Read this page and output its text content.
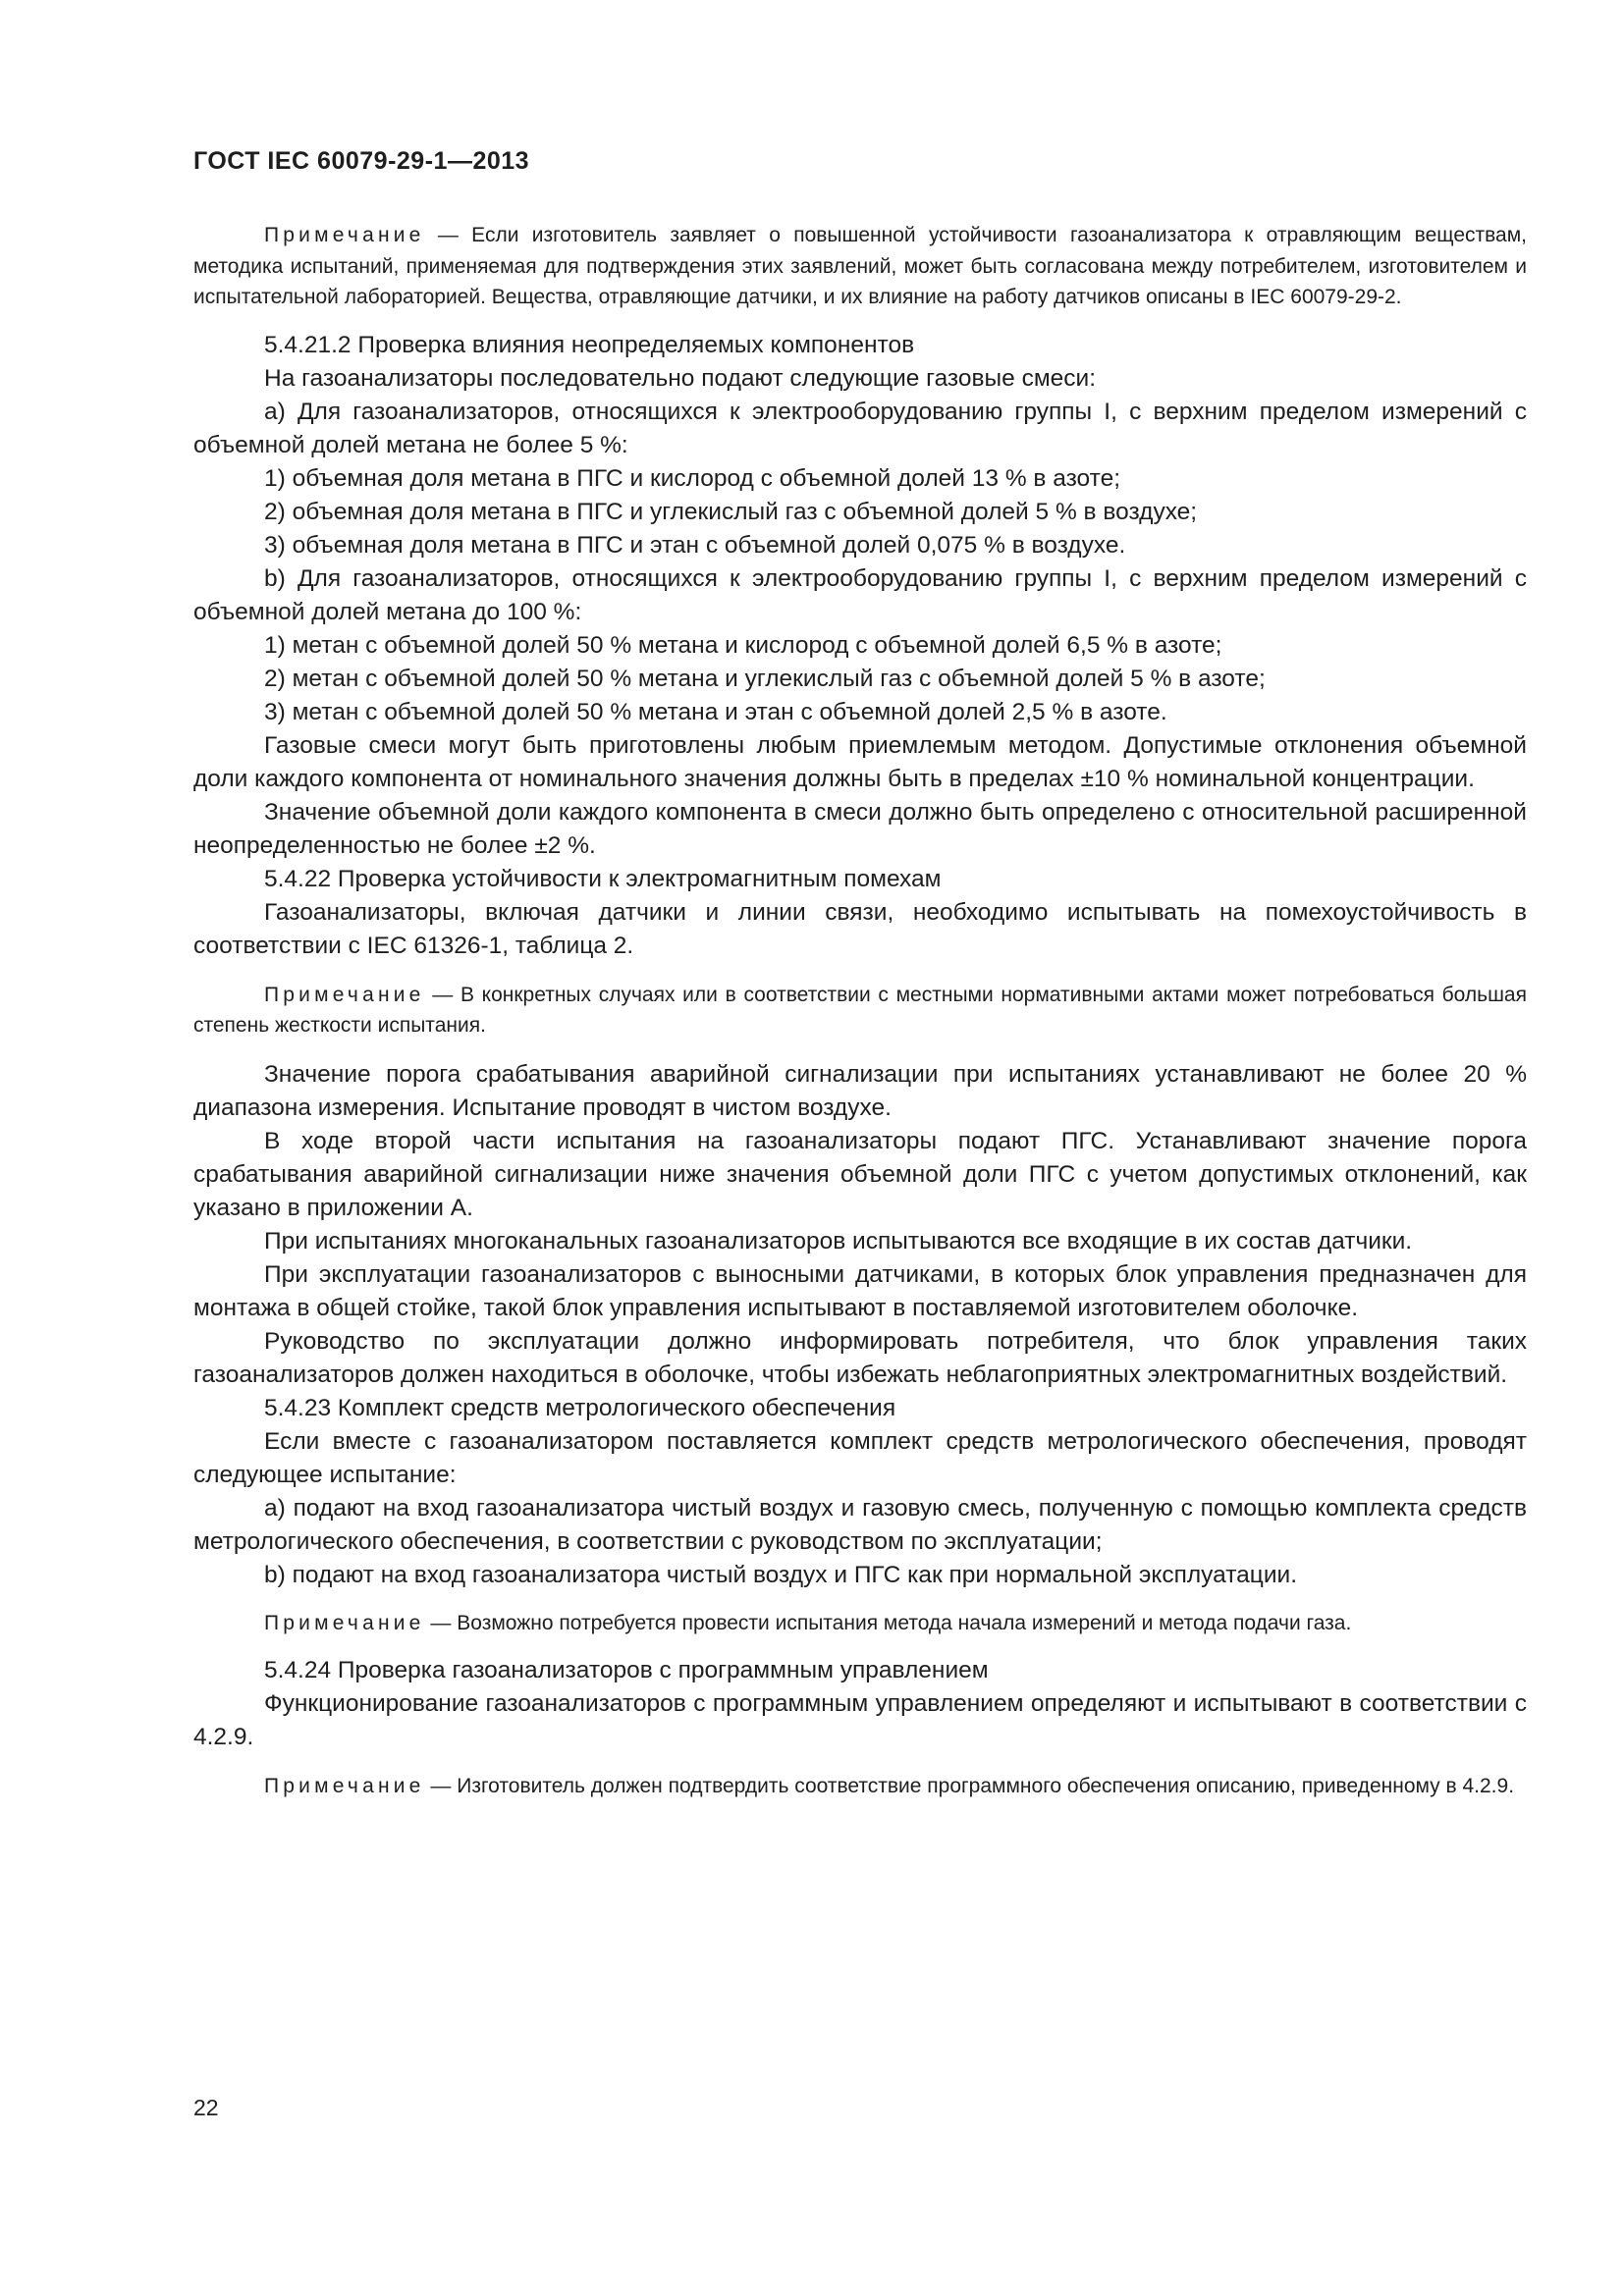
ГОСТ IEC 60079-29-1—2013

Примечание — Если изготовитель заявляет о повышенной устойчивости газоанализатора к отравляющим веществам, методика испытаний, применяемая для подтверждения этих заявлений, может быть согласована между потребителем, изготовителем и испытательной лабораторией. Вещества, отравляющие датчики, и их влияние на работу датчиков описаны в IEC 60079-29-2.

5.4.21.2 Проверка влияния неопределяемых компонентов

На газоанализаторы последовательно подают следующие газовые смеси:

а) Для газоанализаторов, относящихся к электрооборудованию группы I, с верхним пределом измерений с объемной долей метана не более 5 %:

1) объемная доля метана в ПГС и кислород с объемной долей 13 % в азоте;

2) объемная доля метана в ПГС и углекислый газ с объемной долей 5 % в воздухе;

3) объемная доля метана в ПГС и этан с объемной долей 0,075 % в воздухе.

b) Для газоанализаторов, относящихся к электрооборудованию группы I, с верхним пределом измерений с объемной долей метана до 100 %:

1) метан с объемной долей 50 % метана и кислород с объемной долей 6,5 % в азоте;

2) метан с объемной долей 50 % метана и углекислый газ с объемной долей 5 % в азоте;

3) метан с объемной долей 50 % метана и этан с объемной долей 2,5 % в азоте.

Газовые смеси могут быть приготовлены любым приемлемым методом. Допустимые отклонения объемной доли каждого компонента от номинального значения должны быть в пределах ±10 % номинальной концентрации.

Значение объемной доли каждого компонента в смеси должно быть определено с относительной расширенной неопределенностью не более ±2 %.

5.4.22 Проверка устойчивости к электромагнитным помехам

Газоанализаторы, включая датчики и линии связи, необходимо испытывать на помехоустойчивость в соответствии с IEC 61326-1, таблица 2.

Примечание — В конкретных случаях или в соответствии с местными нормативными актами может потребоваться большая степень жесткости испытания.

Значение порога срабатывания аварийной сигнализации при испытаниях устанавливают не более 20 % диапазона измерения. Испытание проводят в чистом воздухе.

В ходе второй части испытания на газоанализаторы подают ПГС. Устанавливают значение порога срабатывания аварийной сигнализации ниже значения объемной доли ПГС с учетом допустимых отклонений, как указано в приложении А.

При испытаниях многоканальных газоанализаторов испытываются все входящие в их состав датчики.

При эксплуатации газоанализаторов с выносными датчиками, в которых блок управления предназначен для монтажа в общей стойке, такой блок управления испытывают в поставляемой изготовителем оболочке.

Руководство по эксплуатации должно информировать потребителя, что блок управления таких газоанализаторов должен находиться в оболочке, чтобы избежать неблагоприятных электромагнитных воздействий.

5.4.23 Комплект средств метрологического обеспечения

Если вместе с газоанализатором поставляется комплект средств метрологического обеспечения, проводят следующее испытание:

а) подают на вход газоанализатора чистый воздух и газовую смесь, полученную с помощью комплекта средств метрологического обеспечения, в соответствии с руководством по эксплуатации;

b) подают на вход газоанализатора чистый воздух и ПГС как при нормальной эксплуатации.

Примечание — Возможно потребуется провести испытания метода начала измерений и метода подачи газа.

5.4.24 Проверка газоанализаторов с программным управлением

Функционирование газоанализаторов с программным управлением определяют и испытывают в соответствии с 4.2.9.

Примечание — Изготовитель должен подтвердить соответствие программного обеспечения описанию, приведенному в 4.2.9.

22
